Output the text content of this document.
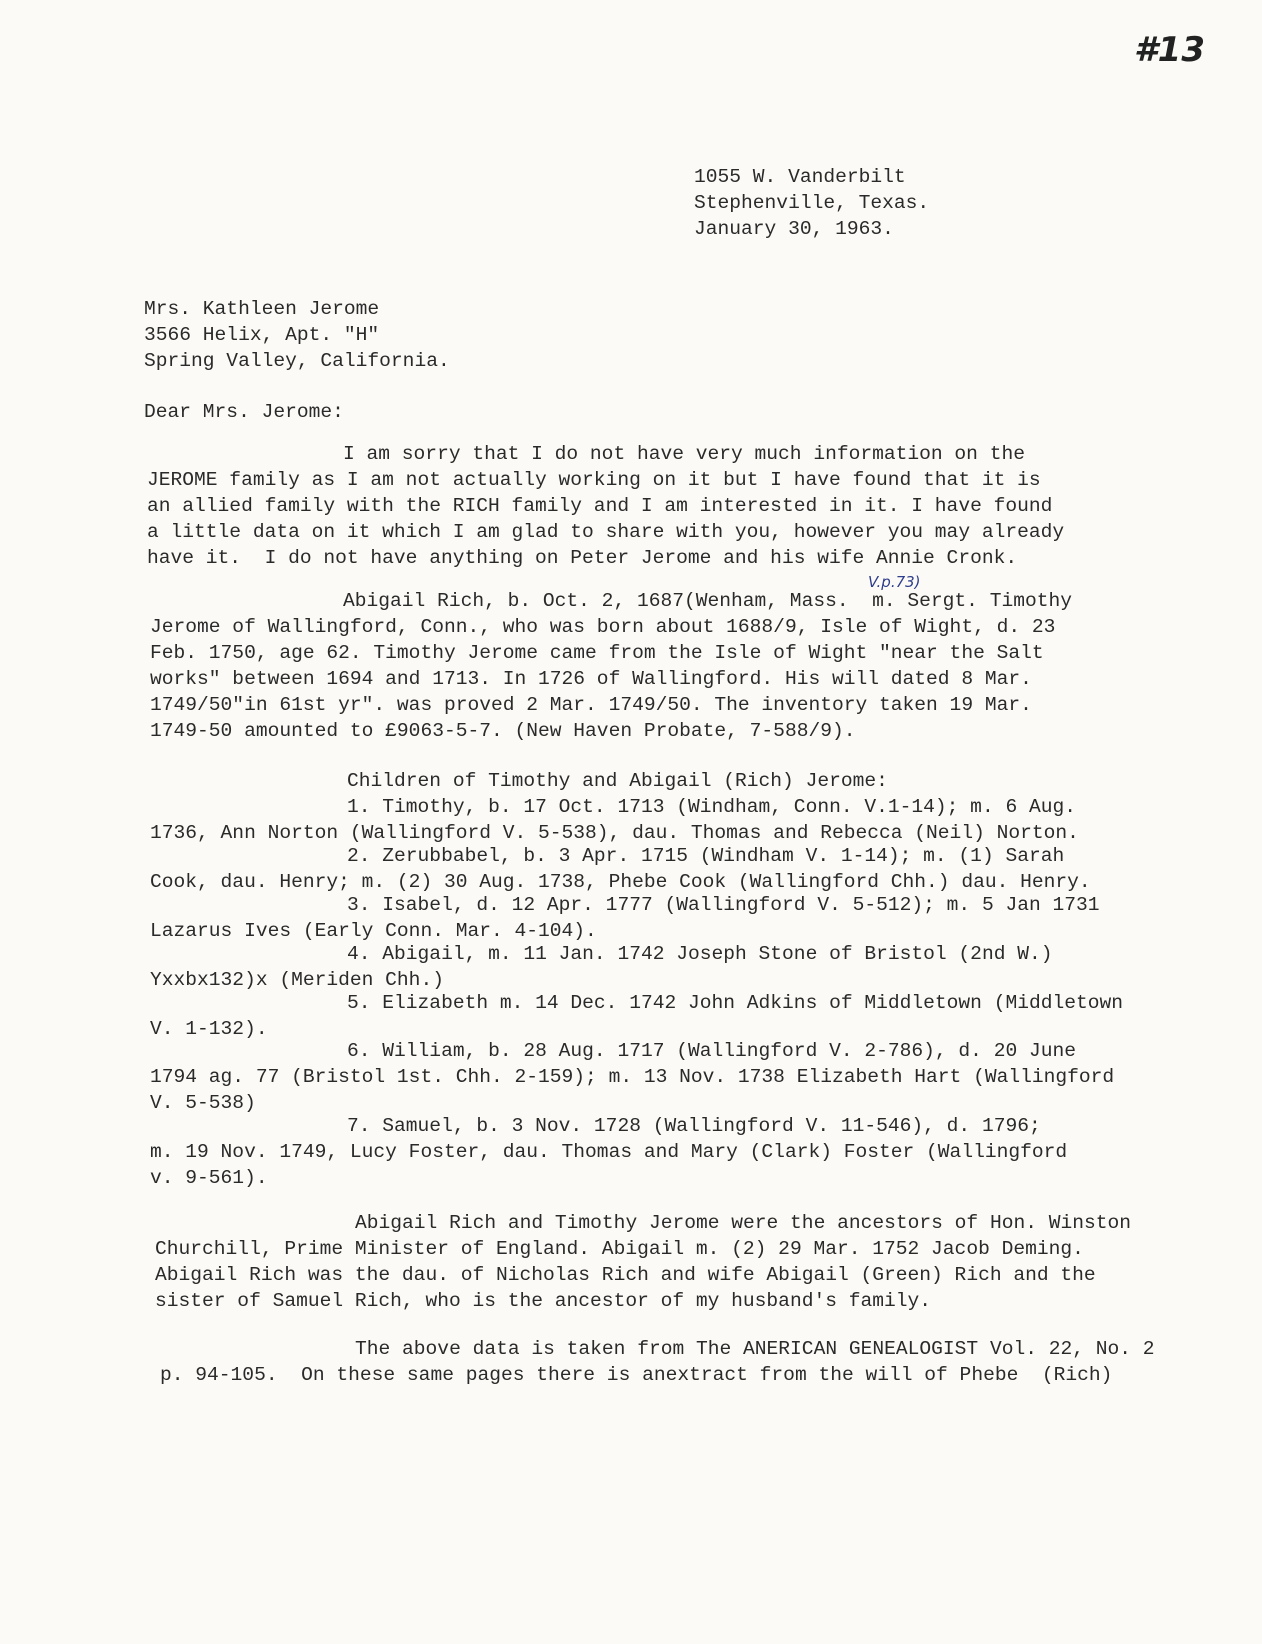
#13
1055 W. Vanderbilt
Stephenville, Texas.
January 30, 1963.
Mrs. Kathleen Jerome
3566 Helix, Apt. "H"
Spring Valley, California.
Dear Mrs. Jerome:
I am sorry that I do not have very much information on the
JEROME family as I am not actually working on it but I have found that it is
an allied family with the RICH family and I am interested in it. I have found
a little data on it which I am glad to share with you, however you may already
have it.  I do not have anything on Peter Jerome and his wife Annie Cronk.
V.p.73)
Abigail Rich, b. Oct. 2, 1687(Wenham, Mass.  m. Sergt. Timothy
Jerome of Wallingford, Conn., who was born about 1688/9, Isle of Wight, d. 23
Feb. 1750, age 62. Timothy Jerome came from the Isle of Wight "near the Salt
works" between 1694 and 1713. In 1726 of Wallingford. His will dated 8 Mar.
1749/50"in 61st yr". was proved 2 Mar. 1749/50. The inventory taken 19 Mar.
1749-50 amounted to £9063-5-7. (New Haven Probate, 7-588/9).
Children of Timothy and Abigail (Rich) Jerome:
1. Timothy, b. 17 Oct. 1713 (Windham, Conn. V.1-14); m. 6 Aug.
1736, Ann Norton (Wallingford V. 5-538), dau. Thomas and Rebecca (Neil) Norton.
2. Zerubbabel, b. 3 Apr. 1715 (Windham V. 1-14); m. (1) Sarah
Cook, dau. Henry; m. (2) 30 Aug. 1738, Phebe Cook (Wallingford Chh.) dau. Henry.
3. Isabel, d. 12 Apr. 1777 (Wallingford V. 5-512); m. 5 Jan 1731
Lazarus Ives (Early Conn. Mar. 4-104).
4. Abigail, m. 11 Jan. 1742 Joseph Stone of Bristol (2nd W.)
Yxxbx132)x (Meriden Chh.)
5. Elizabeth m. 14 Dec. 1742 John Adkins of Middletown (Middletown
V. 1-132).
6. William, b. 28 Aug. 1717 (Wallingford V. 2-786), d. 20 June
1794 ag. 77 (Bristol 1st. Chh. 2-159); m. 13 Nov. 1738 Elizabeth Hart (Wallingford
V. 5-538)
7. Samuel, b. 3 Nov. 1728 (Wallingford V. 11-546), d. 1796;
m. 19 Nov. 1749, Lucy Foster, dau. Thomas and Mary (Clark) Foster (Wallingford
v. 9-561).
Abigail Rich and Timothy Jerome were the ancestors of Hon. Winston
Churchill, Prime Minister of England. Abigail m. (2) 29 Mar. 1752 Jacob Deming.
Abigail Rich was the dau. of Nicholas Rich and wife Abigail (Green) Rich and the
sister of Samuel Rich, who is the ancestor of my husband's family.
The above data is taken from The ANERICAN GENEALOGIST Vol. 22, No. 2
p. 94-105.  On these same pages there is anextract from the will of Phebe  (Rich)
